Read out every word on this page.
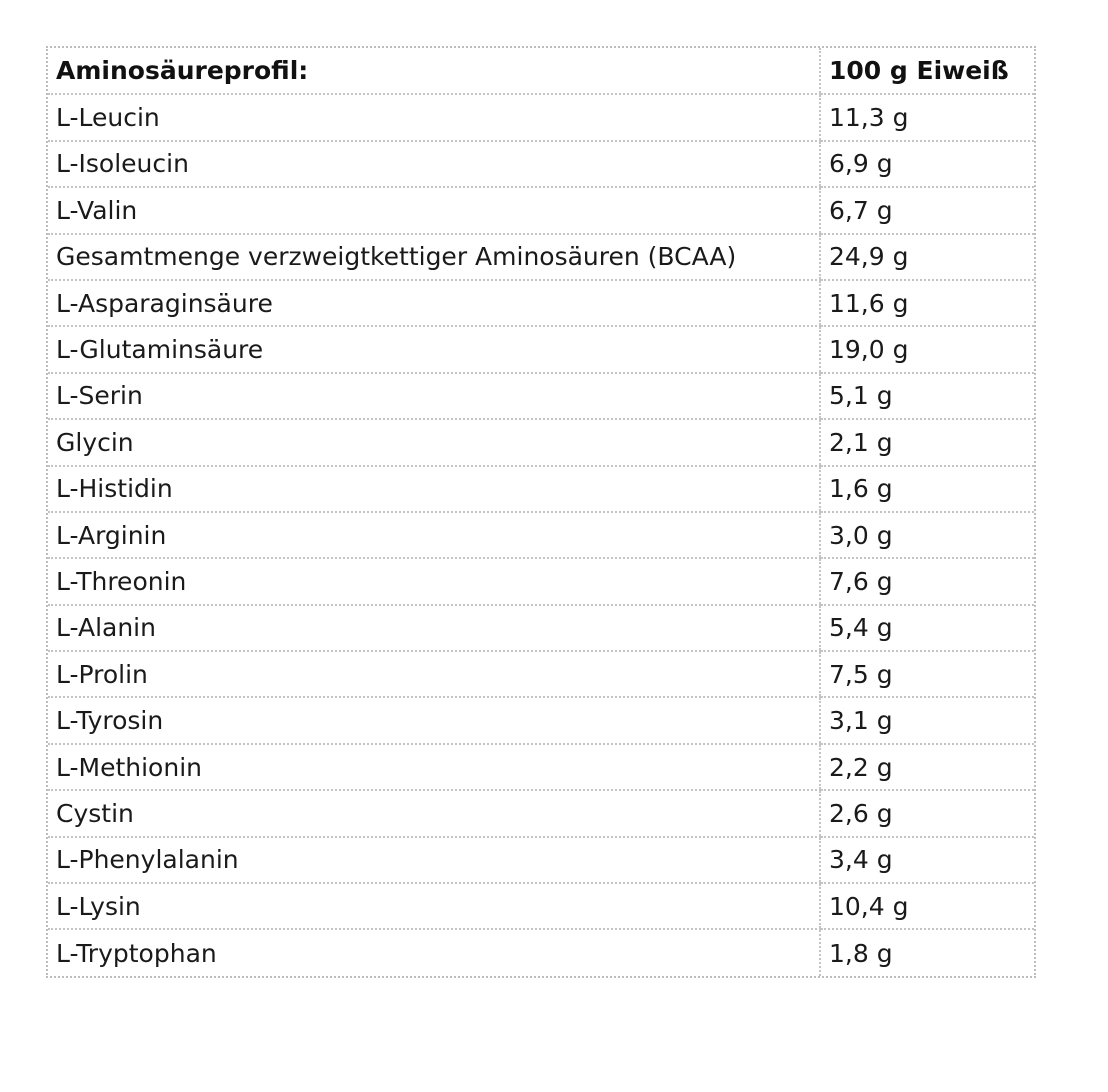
Aminosäureprofil:	100 g Eiweiß
L-Leucin	11,3 g
L-Isoleucin	6,9 g
L-Valin	6,7 g
Gesamtmenge verzweigtkettiger Aminosäuren (BCAA)	24,9 g
L-Asparaginsäure	11,6 g
L-Glutaminsäure	19,0 g
L-Serin	5,1 g
Glycin	2,1 g
L-Histidin	1,6 g
L-Arginin	3,0 g
L-Threonin	7,6 g
L-Alanin	5,4 g
L-Prolin	7,5 g
L-Tyrosin	3,1 g
L-Methionin	2,2 g
Cystin	2,6 g
L-Phenylalanin	3,4 g
L-Lysin	10,4 g
L-Tryptophan	1,8 g
